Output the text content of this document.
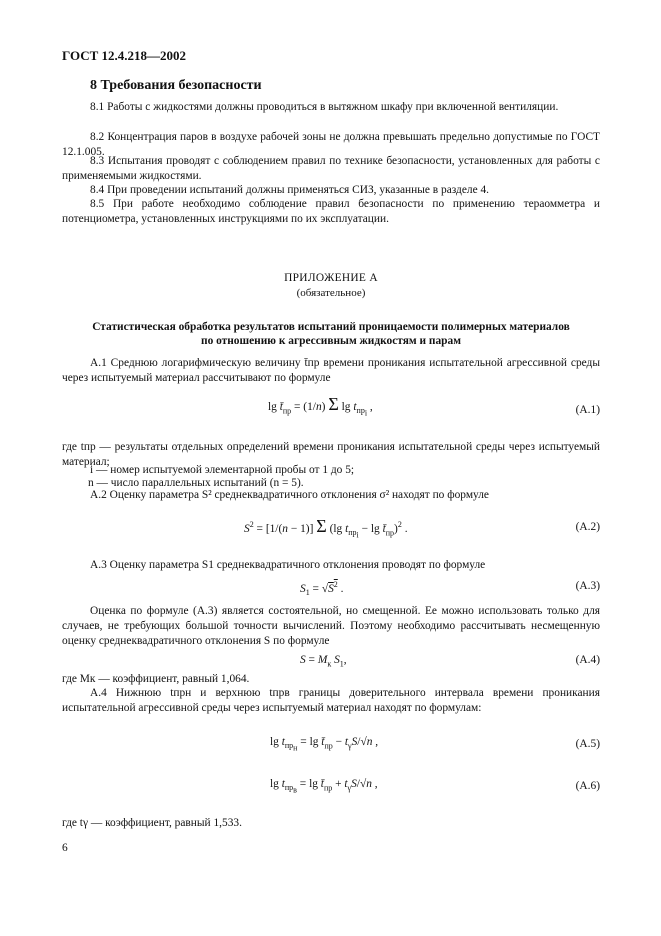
ГОСТ 12.4.218—2002
8 Требования безопасности
8.1 Работы с жидкостями должны проводиться в вытяжном шкафу при включенной вентиляции.
8.2 Концентрация паров в воздухе рабочей зоны не должна превышать предельно допустимые по ГОСТ 12.1.005.
8.3 Испытания проводят с соблюдением правил по технике безопасности, установленных для работы с применяемыми жидкостями.
8.4 При проведении испытаний должны применяться СИЗ, указанные в разделе 4.
8.5 При работе необходимо соблюдение правил безопасности по применению тераомметра и потенциометра, установленных инструкциями по их эксплуатации.
ПРИЛОЖЕНИЕ А
(обязательное)
Статистическая обработка результатов испытаний проницаемости полимерных материалов
по отношению к агрессивным жидкостям и парам
A.1 Среднюю логарифмическую величину t̄пр времени проникания испытательной агрессивной среды через испытуемый материал рассчитывают по формуле
$\lg t̄_{пр} = (1/n)$ Σ $\lg t_{пр_i}$ ,	(A.1)
где tпр — результаты отдельных определений времени проникания испытательной среды через испытуемый материал;
i — номер испытуемой элементарной пробы от 1 до 5;
n — число параллельных испытаний (n = 5).
A.2 Оценку параметра S² среднеквадратичного отклонения σ² находят по формуле
$S^2 = [1/(n - 1)]$ Σ (lg $t_{пр_i} - \lg$ $t̄_{пр})^2$ .	(A.2)
A.3 Оценку параметра S1 среднеквадратичного отклонения проводят по формуле
$S_1 = √S^2$ .	(A.3)
Оценка по формуле (A.3) является состоятельной, но смещенной. Ее можно использовать только для случаев, не требующих большой точности вычислений. Поэтому необходимо рассчитывать несмещенную оценку среднеквадратичного отклонения S по формуле
$S = M_к$ $S_1$,	(A.4)
где Mк — коэффициент, равный 1,064.
A.4 Нижнюю tпрн и верхнюю tпрв границы доверительного интервала времени проникания испытательной агрессивной среды через испытуемый материал находят по формулам:
$\lg t_{пр_н} = \lg$ $t̄_{пр} - t_\gamma S/√n$ ,	(A.5)
$\lg t_{пр_в} = \lg$ $t̄_{пр} + t_\gamma S/√n$ ,	(A.6)
где tγ — коэффициент, равный 1,533.
6
